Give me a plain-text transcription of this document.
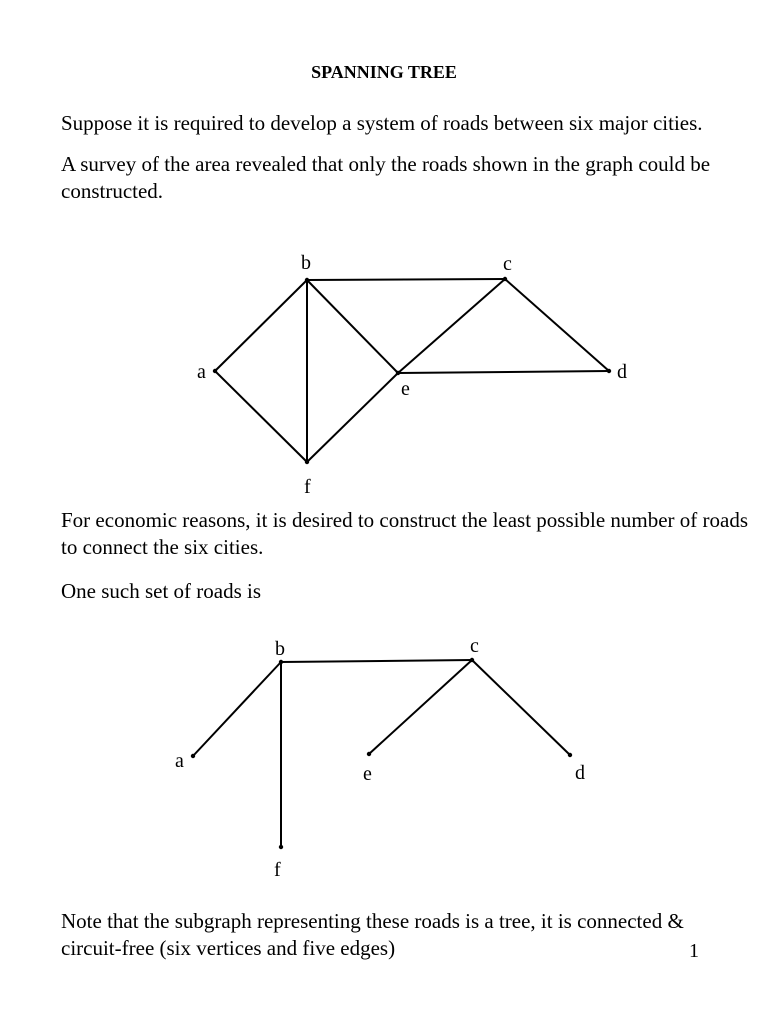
SPANNING TREE
Suppose it is required to develop a system of roads between six major cities.
A survey of the area revealed that only the roads shown in the graph could be constructed.
a
b	c
d
e
f
For economic reasons, it is desired to construct the least possible number of roads to connect the six cities.
One such set of roads is
a
b	c
d
e
f
Note that the subgraph representing these roads is a tree, it is connected & circuit-free (six vertices and five edges)	1
